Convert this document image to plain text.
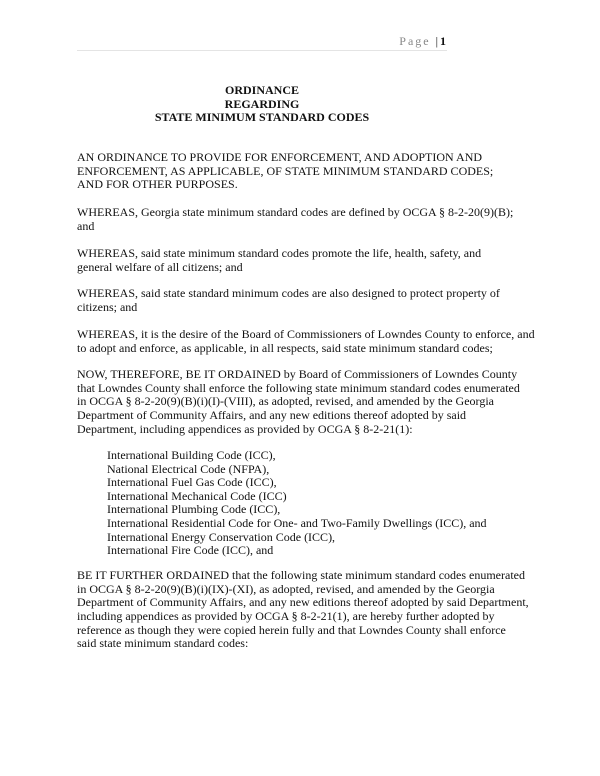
Page | 1
ORDINANCE
REGARDING
STATE MINIMUM STANDARD CODES
AN ORDINANCE TO PROVIDE FOR ENFORCEMENT, AND ADOPTION AND
ENFORCEMENT, AS APPLICABLE, OF STATE MINIMUM STANDARD CODES;
AND FOR OTHER PURPOSES.
WHEREAS, Georgia state minimum standard codes are defined by OCGA § 8-2-20(9)(B);
and
WHEREAS, said state minimum standard codes promote the life, health, safety, and
general welfare of all citizens; and
WHEREAS, said state standard minimum codes are also designed to protect property of
citizens; and
WHEREAS, it is the desire of the Board of Commissioners of Lowndes County to enforce, and
to adopt and enforce, as applicable, in all respects, said state minimum standard codes;
NOW, THEREFORE, BE IT ORDAINED by Board of Commissioners of Lowndes County
that Lowndes County shall enforce the following state minimum standard codes enumerated
in OCGA § 8-2-20(9)(B)(i)(I)-(VIII), as adopted, revised, and amended by the Georgia
Department of Community Affairs, and any new editions thereof adopted by said
Department, including appendices as provided by OCGA § 8-2-21(1):
BE IT FURTHER ORDAINED that the following state minimum standard codes enumerated
in OCGA § 8-2-20(9)(B)(i)(IX)-(XI), as adopted, revised, and amended by the Georgia
Department of Community Affairs, and any new editions thereof adopted by said Department,
including appendices as provided by OCGA § 8-2-21(1), are hereby further adopted by
reference as though they were copied herein fully and that Lowndes County shall enforce
said state minimum standard codes:
International Building Code (ICC),
National Electrical Code (NFPA),
International Fuel Gas Code (ICC),
International Mechanical Code (ICC)
International Plumbing Code (ICC),
International Residential Code for One- and Two-Family Dwellings (ICC), and
International Energy Conservation Code (ICC),
International Fire Code (ICC), and
